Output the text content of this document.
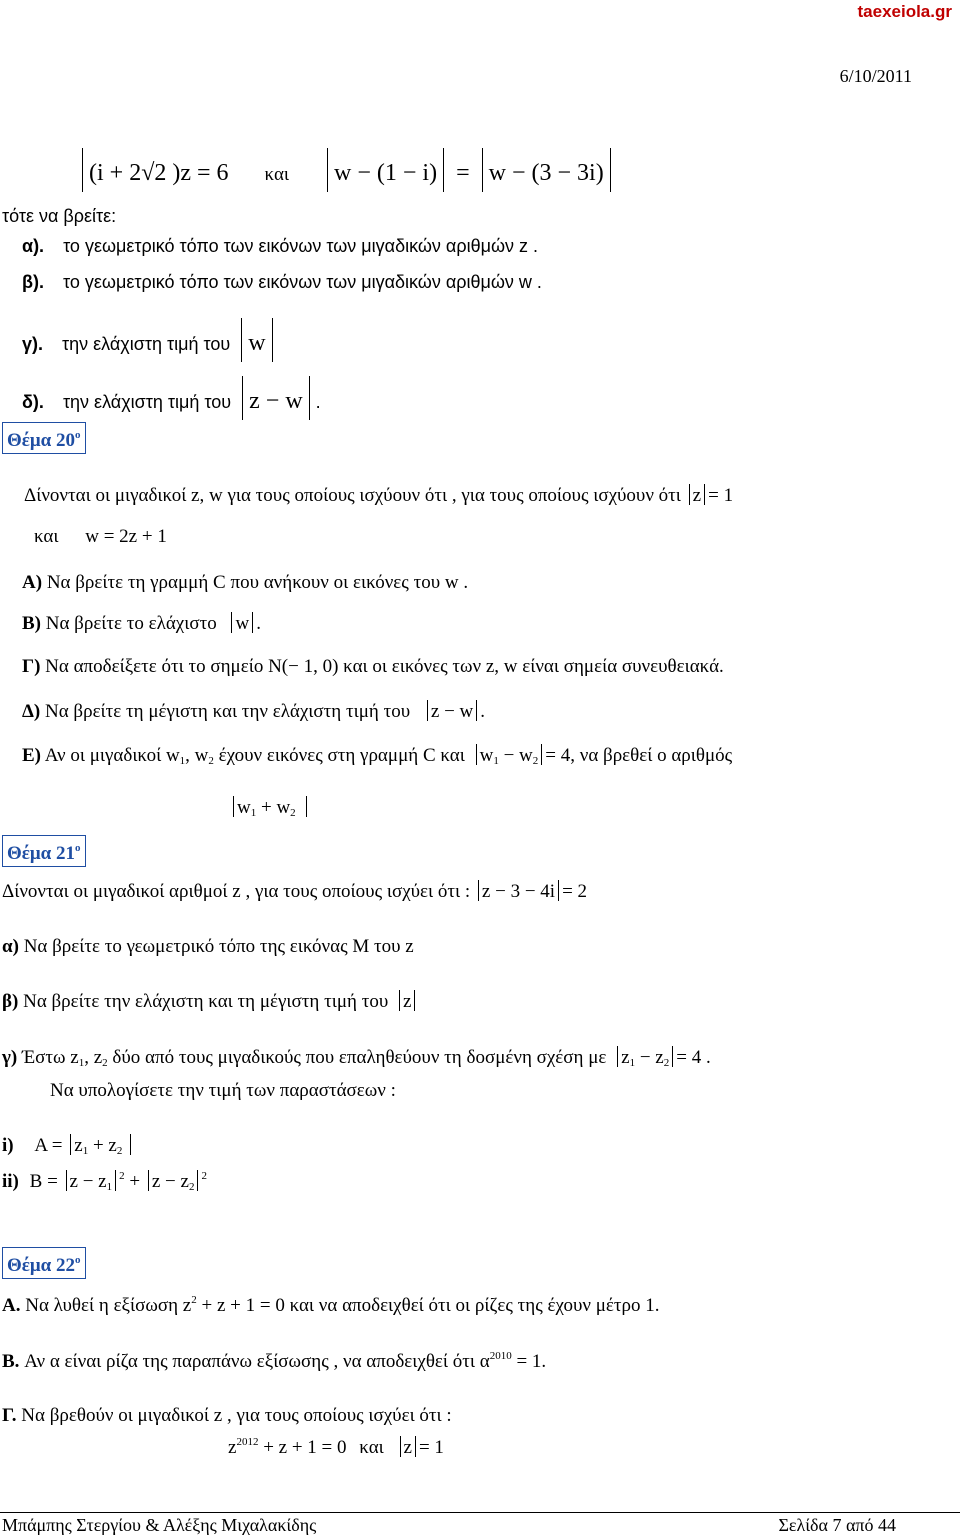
taexeiola.gr
6/10/2011
(i + 2√2 )z = 6 και w − (1 − i) = w − (3 − 3i)
τότε να βρείτε:
α). το γεωμετρικό τόπο των εικόνων των μιγαδικών αριθμών z .
β). το γεωμετρικό τόπο των εικόνων των μιγαδικών αριθμών w .
γ). την ελάχιστη τιμή του w
δ). την ελάχιστη τιμή του z − w .
Θέμα $20^o$
Δίνονται οι μιγαδικοί z, w για τους οποίους ισχύουν ότι , για τους οποίους ισχύουν ότι z = 1
και w = 2z + 1
Α) Να βρείτε τη γραμμή C που ανήκουν οι εικόνες του w .
Β) Να βρείτε το ελάχιστο w .
Γ) Να αποδείξετε ότι το σημείο N(− 1, 0) και οι εικόνες των z, w είναι σημεία συνευθειακά.
Δ) Να βρείτε τη μέγιστη και την ελάχιστη τιμή του z − w .
Ε) Αν οι μιγαδικοί $w_1$, $w_2$ έχουν εικόνες στη γραμμή C και $w_1 - w_2 = 4$, να βρεθεί ο αριθμός
$w_1 + w_2$
Θέμα $21^o$
Δίνονται οι μιγαδικοί αριθμοί z , για τους οποίους ισχύει ότι : z − 3 − 4i = 2
α) Να βρείτε το γεωμετρικό τόπο της εικόνας M του z
β) Να βρείτε την ελάχιστη και τη μέγιστη τιμή του z
γ) Έστω $z_1$, $z_2$ δύο από τους μιγαδικούς που επαληθεύουν τη δοσμένη σχέση με $z_1 - z_2 = 4$ .
Να υπολογίσετε την τιμή των παραστάσεων :
i) $A = z_1 + z_2$
ii) $B = z - z_1^2 + z - z_2^2$
Θέμα $22^o$
A. Να λυθεί η εξίσωση $z^2 + z + 1 = 0$ και να αποδειχθεί ότι οι ρίζες της έχουν μέτρο 1.
B. Αν α είναι ρίζα της παραπάνω εξίσωσης , να αποδειχθεί ότι $\alpha^{2010} = 1$.
Γ. Να βρεθούν οι μιγαδικοί z , για τους οποίους ισχύει ότι :
$z^{2012} + z + 1 = 0$ και z = 1
Μπάμπης Στεργίου & Αλέξης Μιχαλακίδης	Σελίδα 7 από 44
